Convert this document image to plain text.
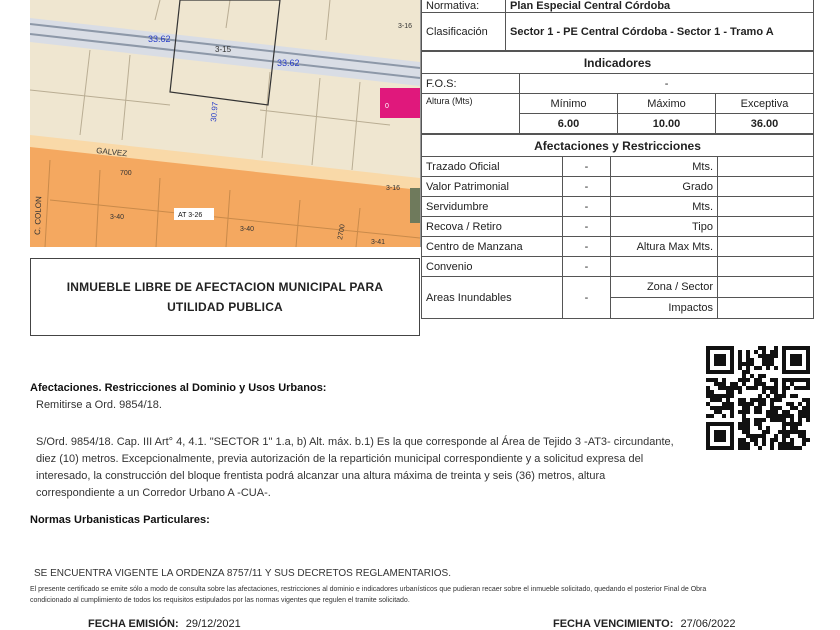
33.62
3-15
33.62
3-16
30.97
GALVEZ
700
3-16
C. COLON	3-40	AT 3-26
3-40	2700
3-41
0
INMUEBLE LIBRE DE AFECTACION MUNICIPAL PARA UTILIDAD PUBLICA
Normativa:	Plan Especial Central Córdoba
Clasificación	Sector 1 - PE Central Córdoba - Sector 1 - Tramo A
Indicadores			
F.O.S:	-		
Altura (Mts)	Mínimo	Máximo	Exceptiva
	6.00	10.00	36.00
Afectaciones y Restricciones			
Trazado Oficial	-	Mts.	
Valor Patrimonial	-	Grado	
Servidumbre	-	Mts.	
Recova / Retiro	-	Tipo	
Centro de Manzana	-	Altura Max Mts.	
Convenio	-		
Areas Inundables	-	Zona / Sector	
		Impactos	
Afectaciones. Restricciones al Dominio y Usos Urbanos:
Remitirse a Ord. 9854/18.
S/Ord. 9854/18. Cap. III Art° 4, 4.1. "SECTOR 1" 1.a, b) Alt. máx. b.1) Es la que corresponde al Área de Tejido 3 -AT3- circundante,
diez (10) metros. Excepcionalmente, previa autorización de la repartición municipal correspondiente y a solicitud expresa del
interesado, la construcción del bloque frentista podrá alcanzar una altura máxima de treinta y seis (36) metros, altura
correspondiente a un Corredor Urbano A -CUA-.
Normas Urbanisticas Particulares:
SE ENCUENTRA VIGENTE LA ORDENZA 8757/11 Y SUS DECRETOS REGLAMENTARIOS.
El presente certificado se emite sólo a modo de consulta sobre las afectaciones, restricciones al dominio e indicadores urbanísticos que pudieran recaer sobre el inmueble solicitado, quedando el posterior Final de Obra
condicionado al cumplimiento de todos los requisitos estipulados por las normas vigentes que regulen el tramite solicitado.
FECHA EMISIÓN: 29/12/2021	FECHA VENCIMIENTO: 27/06/2022
